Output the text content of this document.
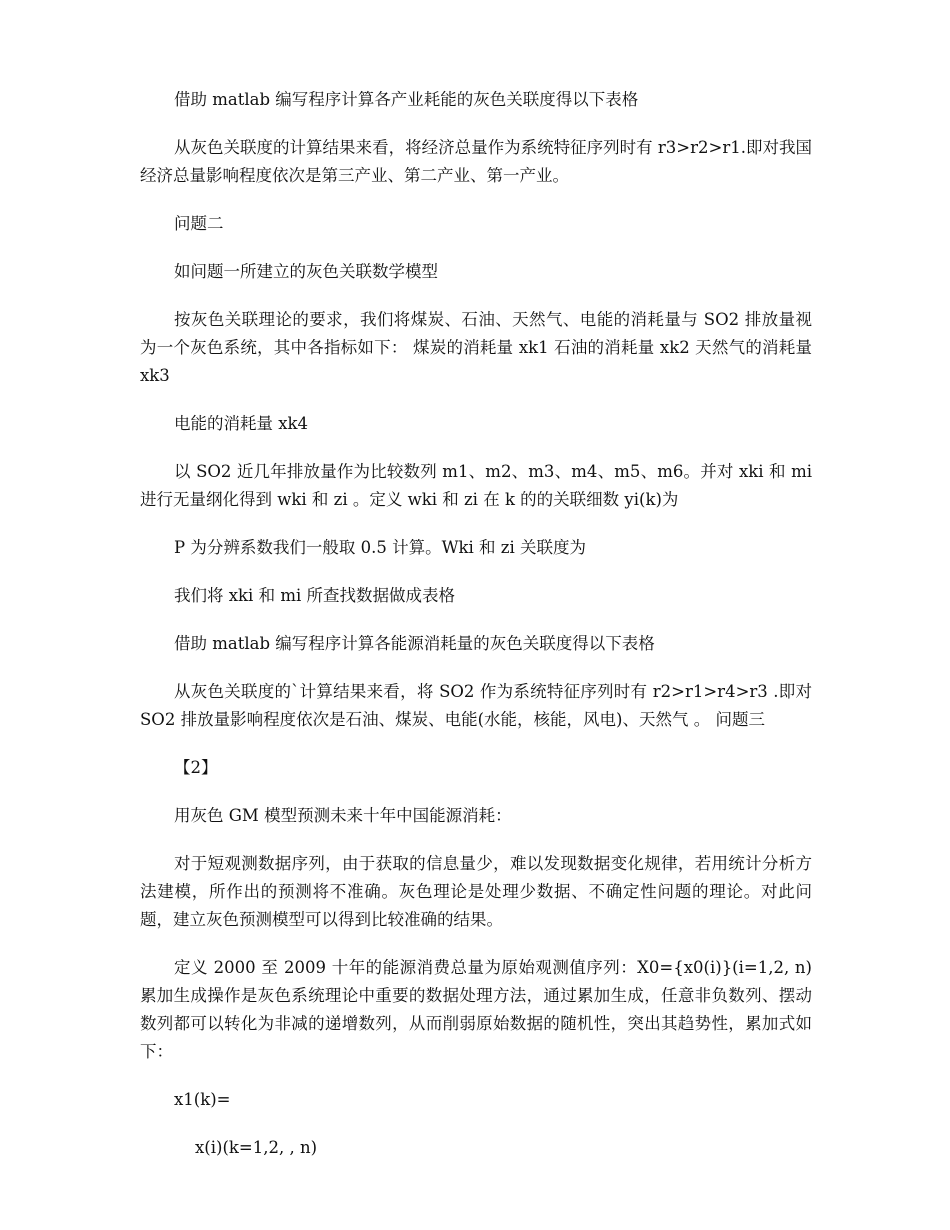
借助 matlab 编写程序计算各产业耗能的灰色关联度得以下表格

从灰色关联度的计算结果来看，将经济总量作为系统特征序列时有 r3>r2>r1.即对我国经济总量影响程度依次是第三产业、第二产业、第一产业。

问题二

如问题一所建立的灰色关联数学模型

按灰色关联理论的要求，我们将煤炭、石油、天然气、电能的消耗量与 SO2 排放量视为一个灰色系统，其中各指标如下： 煤炭的消耗量 xk1 石油的消耗量 xk2 天然气的消耗量 xk3

电能的消耗量 xk4

以 SO2 近几年排放量作为比较数列 m1、m2、m3、m4、m5、m6。并对 xki 和 mi 进行无量纲化得到 wki 和 zi 。定义 wki 和 zi 在 k 的的关联细数 yi(k)为

P 为分辨系数我们一般取 0.5 计算。Wki 和 zi 关联度为

我们将 xki 和 mi 所查找数据做成表格

借助 matlab 编写程序计算各能源消耗量的灰色关联度得以下表格

从灰色关联度的`计算结果来看，将 SO2 作为系统特征序列时有 r2>r1>r4>r3 .即对 SO2 排放量影响程度依次是石油、煤炭、电能(水能，核能，风电)、天然气 。 问题三

【2】

用灰色 GM 模型预测未来十年中国能源消耗：

对于短观测数据序列，由于获取的信息量少，难以发现数据变化规律，若用统计分析方法建模，所作出的预测将不准确。灰色理论是处理少数据、不确定性问题的理论。对此问题，建立灰色预测模型可以得到比较准确的结果。

定义 2000 至 2009 十年的能源消费总量为原始观测值序列：X0={x0(i)}(i=1,2, n) 累加生成操作是灰色系统理论中重要的数据处理方法，通过累加生成，任意非负数列、摆动数列都可以转化为非减的递增数列，从而削弱原始数据的随机性，突出其趋势性，累加式如下：

x1(k)=

x(i)(k=1,2, , n)
